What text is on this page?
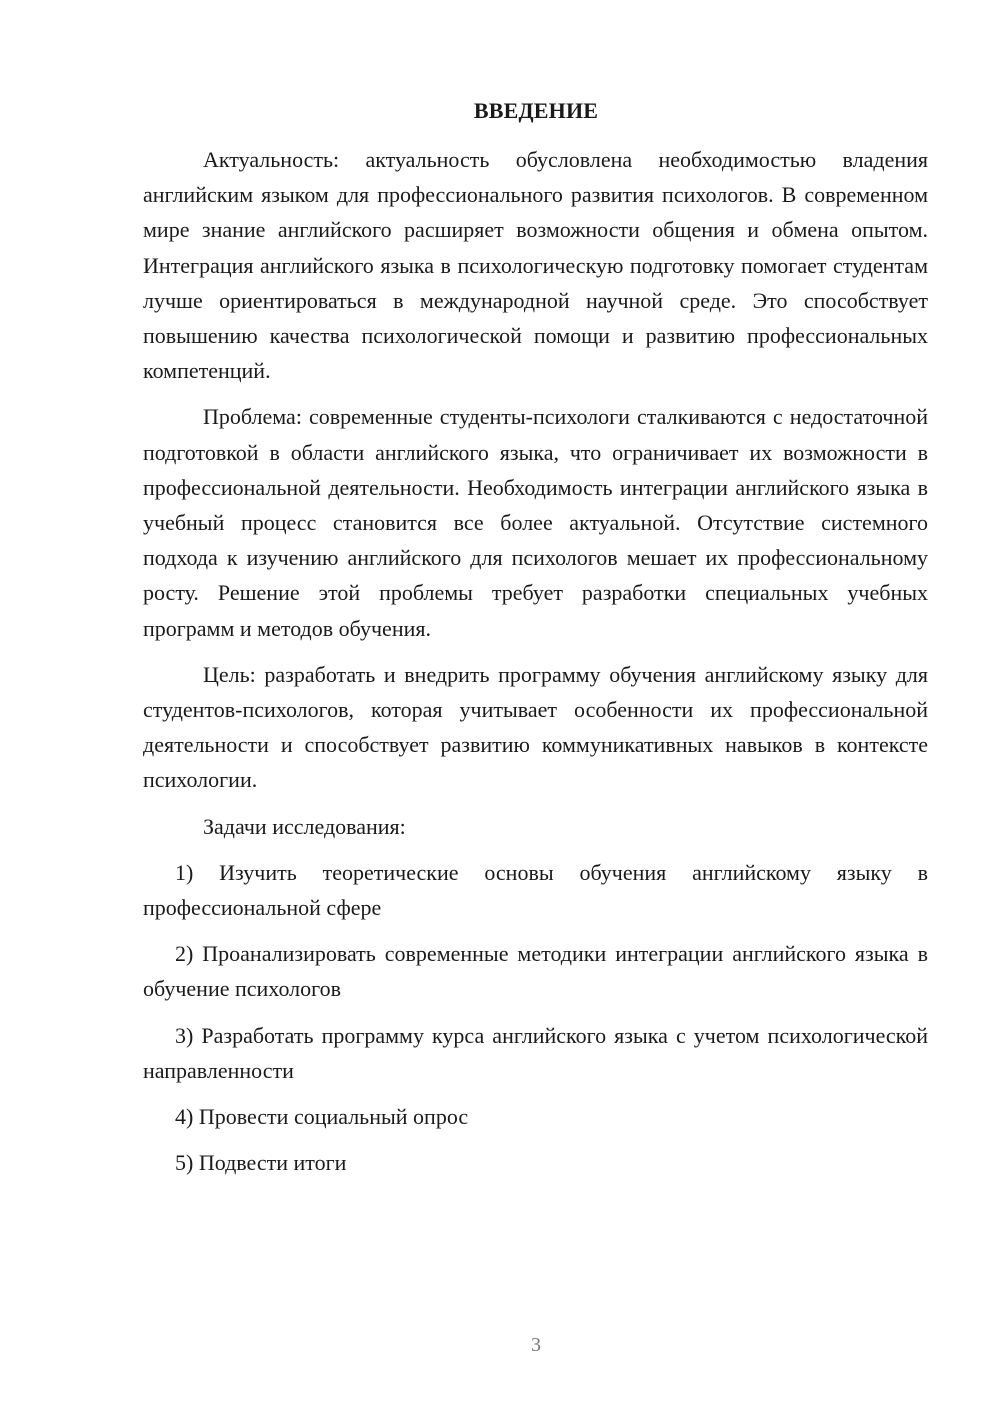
ВВЕДЕНИЕ

Актуальность: актуальность обусловлена необходимостью владения английским языком для профессионального развития психологов. В современном мире знание английского расширяет возможности общения и обмена опытом. Интеграция английского языка в психологическую подготовку помогает студентам лучше ориентироваться в международной научной среде. Это способствует повышению качества психологической помощи и развитию профессиональных компетенций.

Проблема: современные студенты-психологи сталкиваются с недостаточной подготовкой в области английского языка, что ограничивает их возможности в профессиональной деятельности. Необходимость интеграции английского языка в учебный процесс становится все более актуальной. Отсутствие системного подхода к изучению английского для психологов мешает их профессиональному росту. Решение этой проблемы требует разработки специальных учебных программ и методов обучения.

Цель: разработать и внедрить программу обучения английскому языку для студентов-психологов, которая учитывает особенности их профессиональной деятельности и способствует развитию коммуникативных навыков в контексте психологии.

Задачи исследования:

1) Изучить теоретические основы обучения английскому языку в профессиональной сфере

2) Проанализировать современные методики интеграции английского языка в обучение психологов

3) Разработать программу курса английского языка с учетом психологической направленности

4) Провести социальный опрос

5) Подвести итоги

3
